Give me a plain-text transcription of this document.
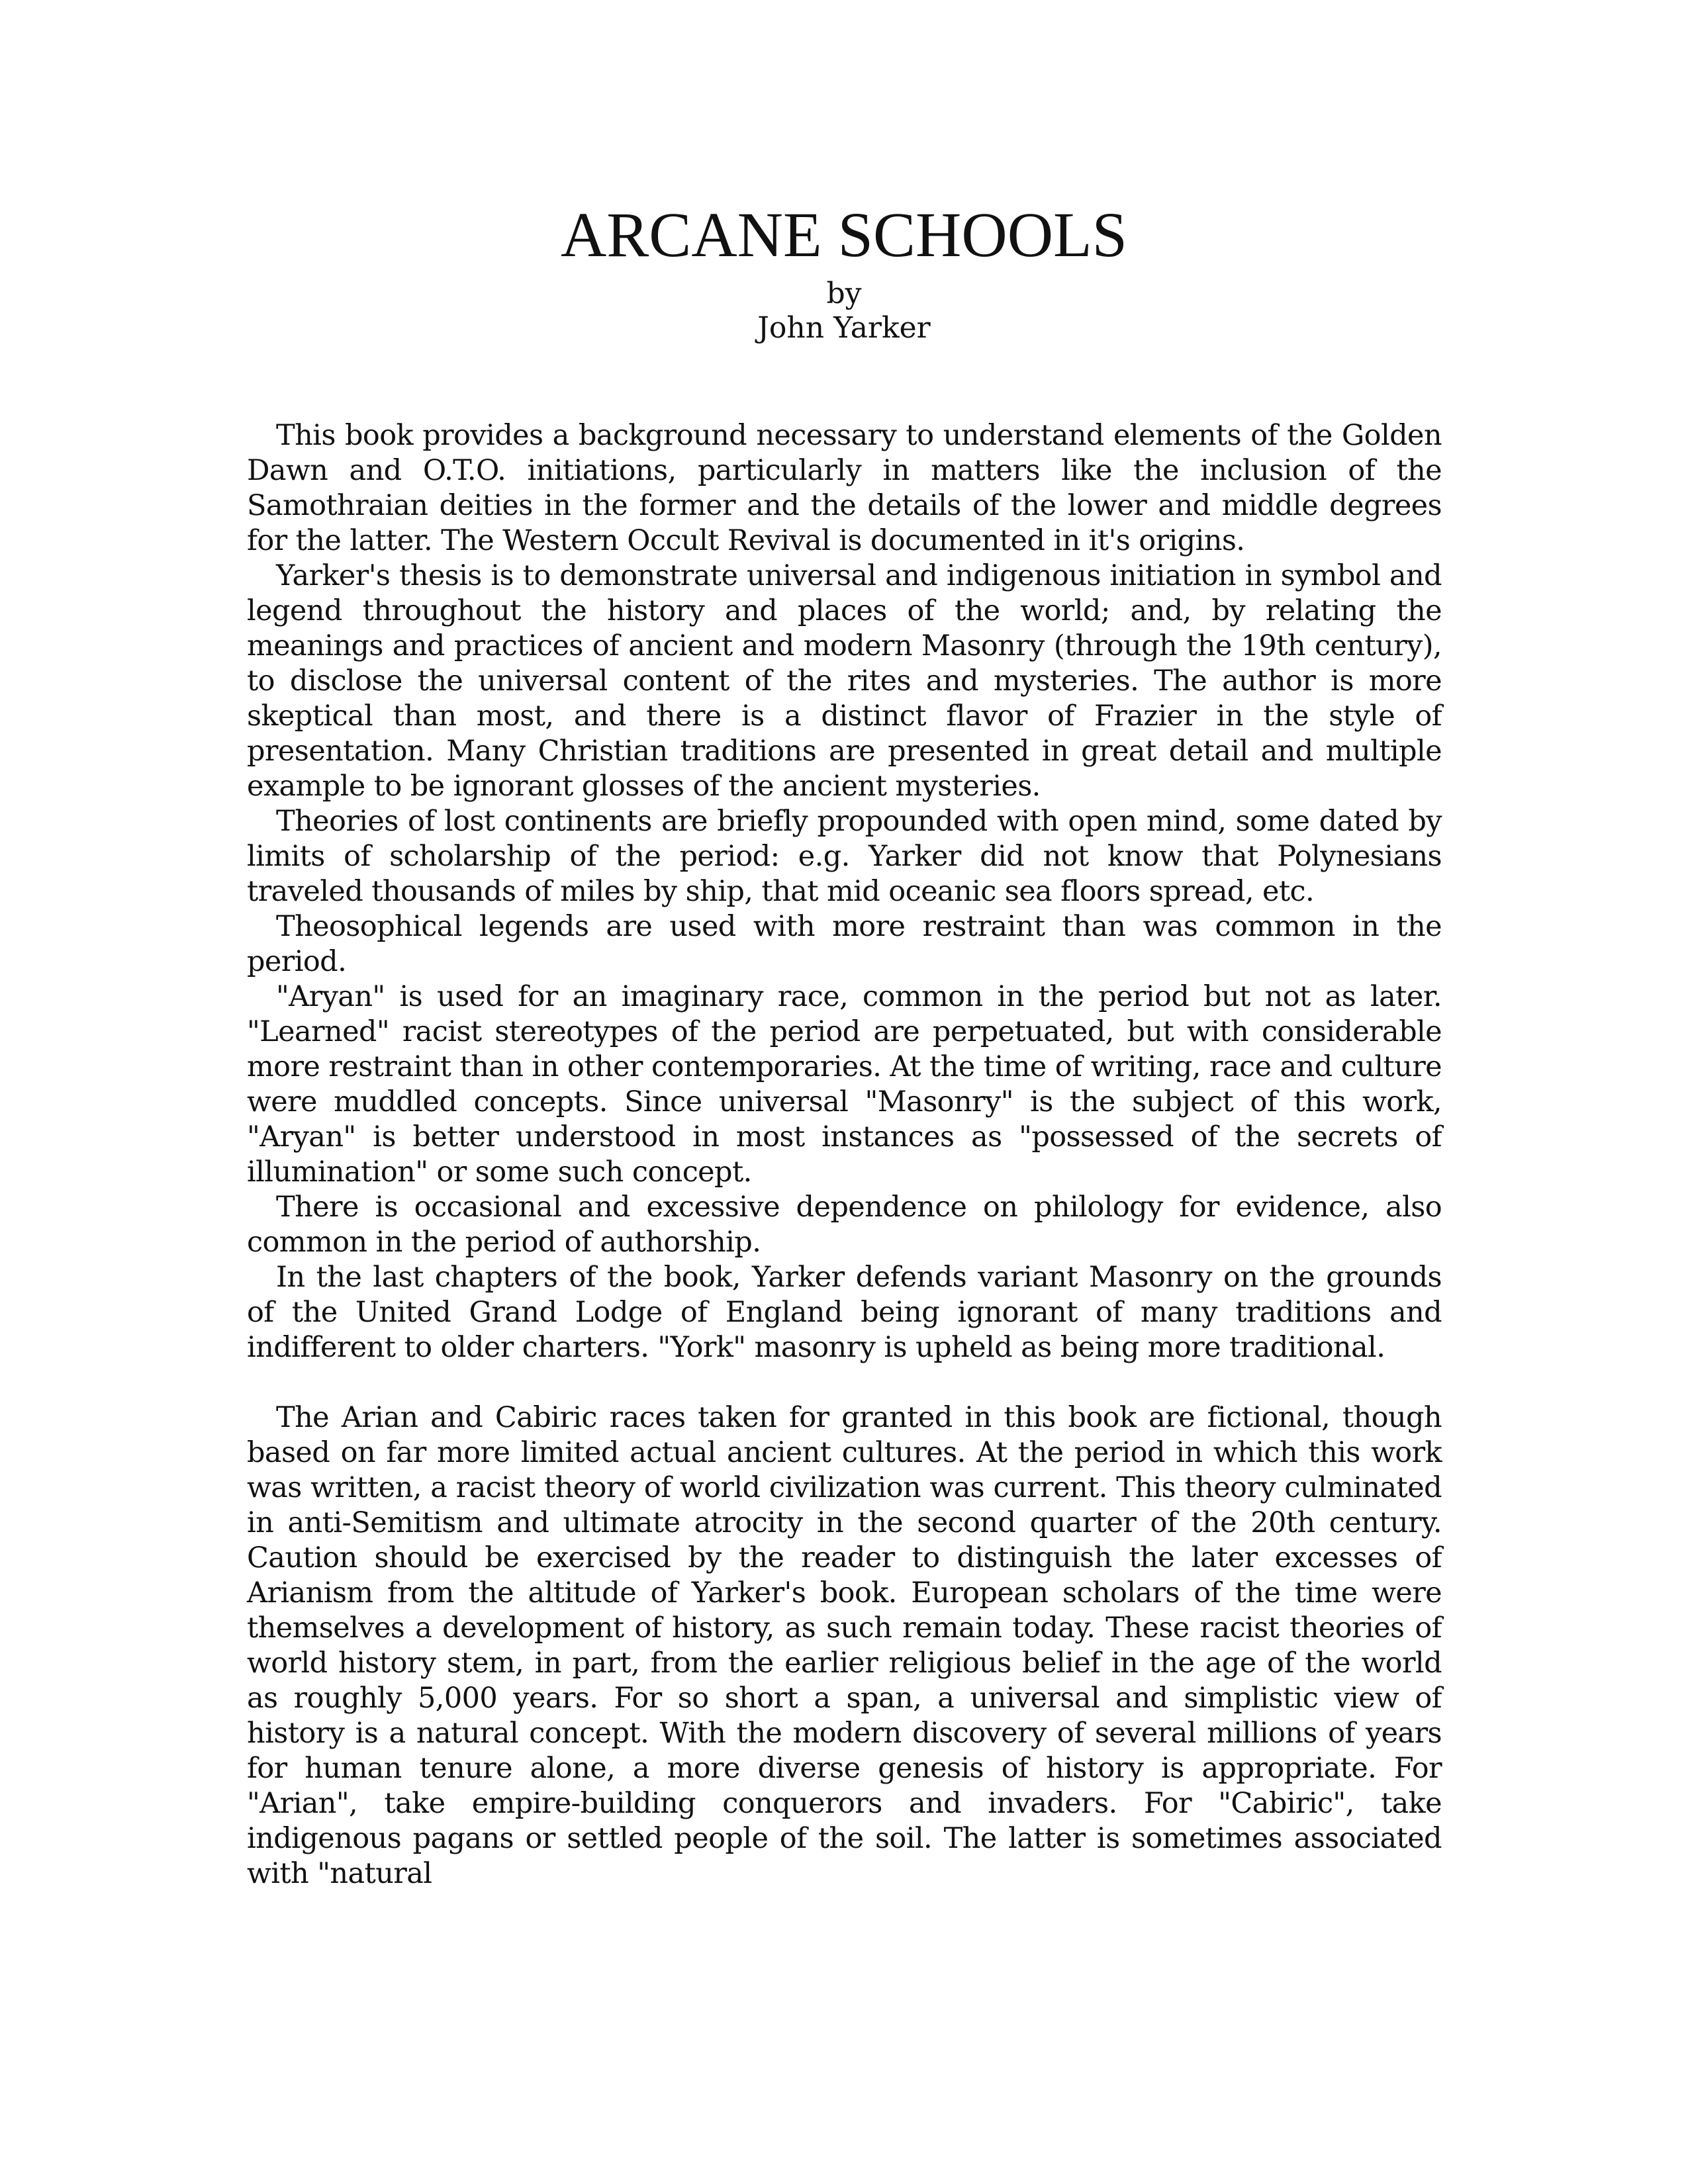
ARCANE SCHOOLS
by
John Yarker

This book provides a background necessary to understand elements of the Golden Dawn and O.T.O. initiations, particularly in matters like the inclusion of the Samothraian deities in the former and the details of the lower and middle degrees for the latter. The Western Occult Revival is documented in it's origins.

Yarker's thesis is to demonstrate universal and indigenous initiation in symbol and legend throughout the history and places of the world; and, by relating the meanings and practices of ancient and modern Masonry (through the 19th century), to disclose the universal content of the rites and mysteries. The author is more skeptical than most, and there is a distinct flavor of Frazier in the style of presentation. Many Christian traditions are presented in great detail and multiple example to be ignorant glosses of the ancient mysteries.

Theories of lost continents are briefly propounded with open mind, some dated by limits of scholarship of the period: e.g. Yarker did not know that Polynesians traveled thousands of miles by ship, that mid oceanic sea floors spread, etc.

Theosophical legends are used with more restraint than was common in the period.

"Aryan" is used for an imaginary race, common in the period but not as later. "Learned" racist stereotypes of the period are perpetuated, but with considerable more restraint than in other contemporaries. At the time of writing, race and culture were muddled concepts. Since universal "Masonry" is the subject of this work, "Aryan" is better understood in most instances as "possessed of the secrets of illumination" or some such concept.

There is occasional and excessive dependence on philology for evidence, also common in the period of authorship.

In the last chapters of the book, Yarker defends variant Masonry on the grounds of the United Grand Lodge of England being ignorant of many traditions and indifferent to older charters. "York" masonry is upheld as being more traditional.

The Arian and Cabiric races taken for granted in this book are fictional, though based on far more limited actual ancient cultures. At the period in which this work was written, a racist theory of world civilization was current. This theory culminated in anti-Semitism and ultimate atrocity in the second quarter of the 20th century. Caution should be exercised by the reader to distinguish the later excesses of Arianism from the altitude of Yarker's book. European scholars of the time were themselves a development of history, as such remain today. These racist theories of world history stem, in part, from the earlier religious belief in the age of the world as roughly 5,000 years. For so short a span, a universal and simplistic view of history is a natural concept. With the modern discovery of several millions of years for human tenure alone, a more diverse genesis of history is appropriate. For "Arian", take empire-building conquerors and invaders. For "Cabiric", take indigenous pagans or settled people of the soil. The latter is sometimes associated with "natural
